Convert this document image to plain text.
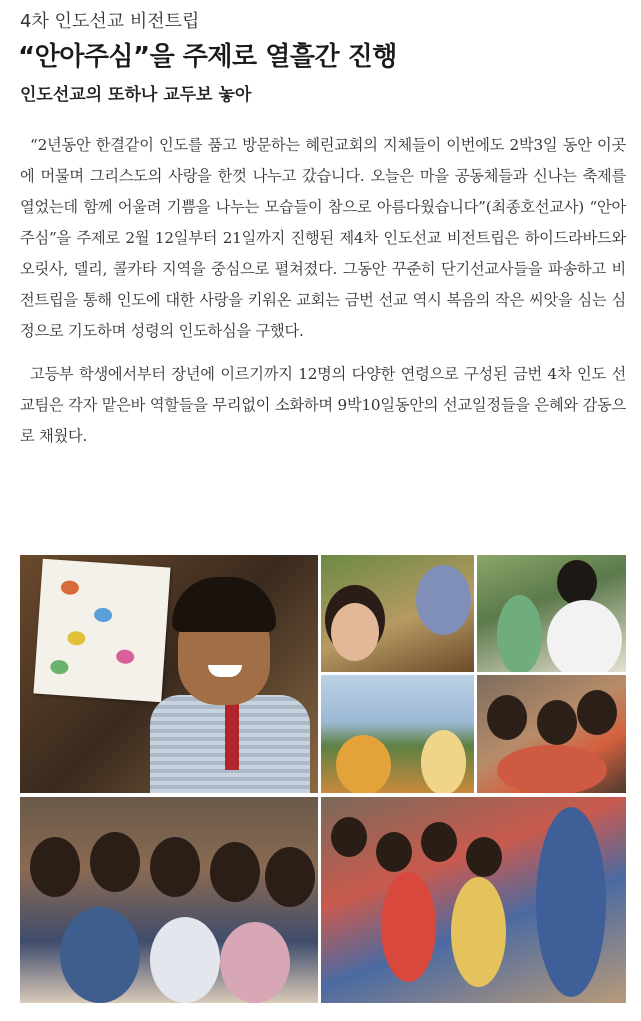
4차 인도선교 비전트립
“안아주심”을 주제로 열흘간 진행
인도선교의 또하나 교두보 놓아

“2년동안 한결같이 인도를 품고 방문하는 혜린교회의 지체들이 이번에도 2박3일 동안 이곳에 머물며 그리스도의 사랑을 한껏 나누고 갔습니다. 오늘은 마을 공동체들과 신나는 축제를 열었는데 함께 어울려 기쁨을 나누는 모습들이 참으로 아름다웠습니다”(최종호선교사) “안아주심”을 주제로 2월 12일부터 21일까지 진행된 제4차 인도선교 비전트립은 하이드라바드와 오릿사, 델리, 콜카타 지역을 중심으로 펼쳐졌다. 그동안 꾸준히 단기선교사들을 파송하고 비전트립을 통해 인도에 대한 사랑을 키워온 교회는 금번 선교 역시 복음의 작은 씨앗을 심는 심정으로 기도하며 성령의 인도하심을 구했다.

고등부 학생에서부터 장년에 이르기까지 12명의 다양한 연령으로 구성된 금번 4차 인도 선교팀은 각자 맡은바 역할들을 무리없이 소화하며 9박10일동안의 선교일정들을 은혜와 감동으로 채웠다.
